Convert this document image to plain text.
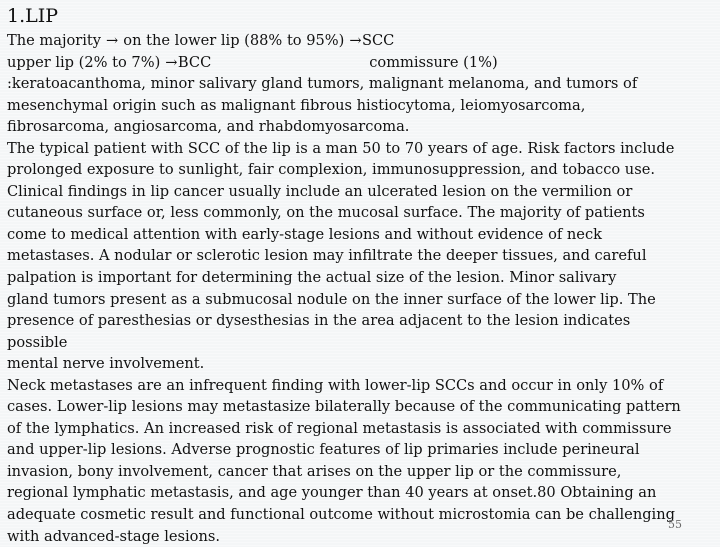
1.LIP
The majority → on the lower lip (88% to 95%) →SCC
upper lip (2% to 7%) →BCC	commissure (1%)
:keratoacanthoma, minor salivary gland tumors, malignant melanoma, and tumors of
mesenchymal origin such as malignant fibrous histiocytoma, leiomyosarcoma,
fibrosarcoma, angiosarcoma, and rhabdomyosarcoma.
The typical patient with SCC of the lip is a man 50 to 70 years of age. Risk factors include
prolonged exposure to sunlight, fair complexion, immunosuppression, and tobacco use.
Clinical findings in lip cancer usually include an ulcerated lesion on the vermilion or
cutaneous surface or, less commonly, on the mucosal surface. The majority of patients
come to medical attention with early-stage lesions and without evidence of neck
metastases. A nodular or sclerotic lesion may infiltrate the deeper tissues, and careful
palpation is important for determining the actual size of the lesion. Minor salivary
gland tumors present as a submucosal nodule on the inner surface of the lower lip. The
presence of paresthesias or dysesthesias in the area adjacent to the lesion indicates
possible
mental nerve involvement.
Neck metastases are an infrequent finding with lower-lip SCCs and occur in only 10% of
cases. Lower-lip lesions may metastasize bilaterally because of the communicating pattern
of the lymphatics. An increased risk of regional metastasis is associated with commissure
and upper-lip lesions. Adverse prognostic features of lip primaries include perineural
invasion, bony involvement, cancer that arises on the upper lip or the commissure,
regional lymphatic metastasis, and age younger than 40 years at onset.80 Obtaining an
adequate cosmetic result and functional outcome without microstomia can be challenging
with advanced-stage lesions.
55
